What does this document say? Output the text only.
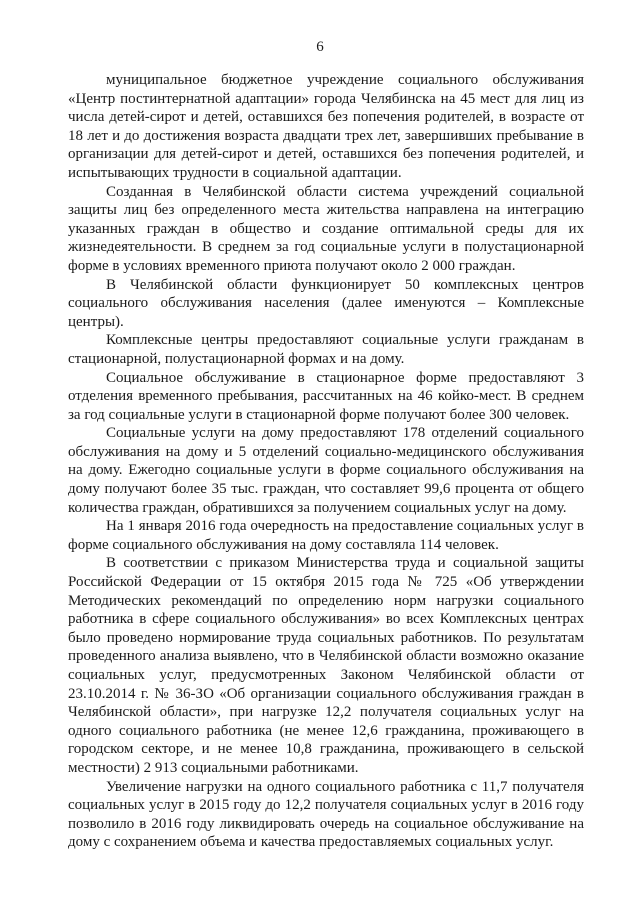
6

муниципальное бюджетное учреждение социального обслуживания «Центр постинтернатной адаптации» города Челябинска на 45 мест для лиц из числа детей-сирот и детей, оставшихся без попечения родителей, в возрасте от 18 лет и до достижения возраста двадцати трех лет, завершивших пребывание в организации для детей-сирот и детей, оставшихся без попечения родителей, и испытывающих трудности в социальной адаптации.

Созданная в Челябинской области система учреждений социальной защиты лиц без определенного места жительства направлена на интеграцию указанных граждан в общество и создание оптимальной среды для их жизнедеятельности. В среднем за год социальные услуги в полустационарной форме в условиях временного приюта получают около 2 000 граждан.

В Челябинской области функционирует 50 комплексных центров социального обслуживания населения (далее именуются – Комплексные центры).

Комплексные центры предоставляют социальные услуги гражданам в стационарной, полустационарной формах и на дому.

Социальное обслуживание в стационарное форме предоставляют 3 отделения временного пребывания, рассчитанных на 46 койко-мест. В среднем за год социальные услуги в стационарной форме получают более 300 человек.

Социальные услуги на дому предоставляют 178 отделений социального обслуживания на дому и 5 отделений социально-медицинского обслуживания на дому. Ежегодно социальные услуги в форме социального обслуживания на дому получают более 35 тыс. граждан, что составляет 99,6 процента от общего количества граждан, обратившихся за получением социальных услуг на дому.

На 1 января 2016 года очередность на предоставление социальных услуг в форме социального обслуживания на дому составляла 114 человек.

В соответствии с приказом Министерства труда и социальной защиты Российской Федерации от 15 октября 2015 года № 725 «Об утверждении Методических рекомендаций по определению норм нагрузки социального работника в сфере социального обслуживания» во всех Комплексных центрах было проведено нормирование труда социальных работников. По результатам проведенного анализа выявлено, что в Челябинской области возможно оказание социальных услуг, предусмотренных Законом Челябинской области от 23.10.2014 г. № 36-ЗО «Об организации социального обслуживания граждан в Челябинской области», при нагрузке 12,2 получателя социальных услуг на одного социального работника (не менее 12,6 гражданина, проживающего в городском секторе, и не менее 10,8 гражданина, проживающего в сельской местности) 2 913 социальными работниками.

Увеличение нагрузки на одного социального работника с 11,7 получателя социальных услуг в 2015 году до 12,2 получателя социальных услуг в 2016 году позволило в 2016 году ликвидировать очередь на социальное обслуживание на дому с сохранением объема и качества предоставляемых социальных услуг.
